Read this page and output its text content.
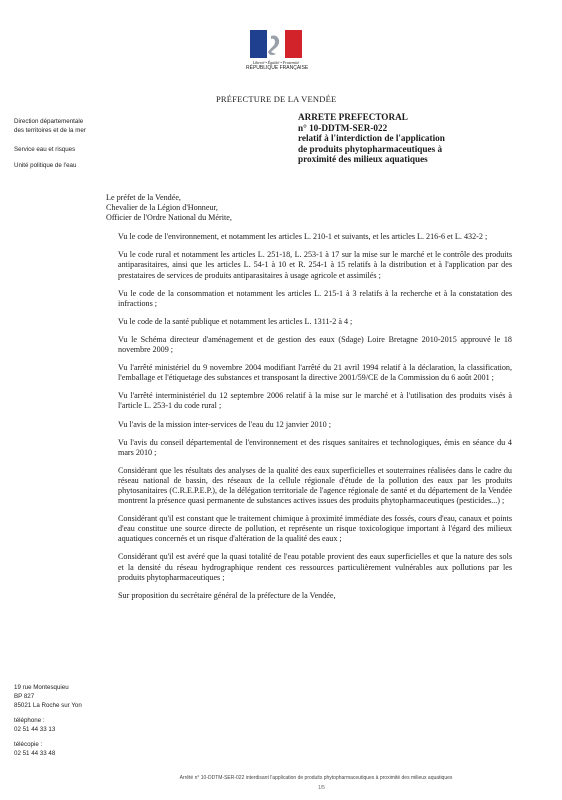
Liberté • Égalité • Fraternité
RÉPUBLIQUE FRANÇAISE
PRÉFECTURE DE LA VENDÉE
Direction départementale
des territoires et de la mer
Service eau et risques
Unité politique de l'eau
19 rue Montesquieu
BP 827
85021 La Roche sur Yon
téléphone :
02 51 44 33 13
télécopie :
02 51 44 33 48
ARRETE PREFECTORAL
n° 10-DDTM-SER-022
relatif à l'interdiction de l'application
de produits phytopharmaceutiques à
proximité des milieux aquatiques
Le préfet de la Vendée,
Chevalier de la Légion d'Honneur,
Officier de l'Ordre National du Mérite,

Vu le code de l'environnement, et notamment les articles L. 210-1 et suivants, et les articles L. 216-6 et L. 432-2 ;

Vu le code rural et notamment les articles L. 251-18, L. 253-1 à 17 sur la mise sur le marché et le contrôle des produits antiparasitaires, ainsi que les articles L. 54-1 à 10 et R. 254-1 à 15 relatifs à la distribution et à l'application par des prestataires de services de produits antiparasitaires à usage agricole et assimilés ;

Vu le code de la consommation et notamment les articles L. 215-1 à 3 relatifs à la recherche et à la constatation des infractions ;

Vu le code de la santé publique et notamment les articles L. 1311-2 à 4 ;

Vu le Schéma directeur d'aménagement et de gestion des eaux (Sdage) Loire Bretagne 2010-2015 approuvé le 18 novembre 2009 ;

Vu l'arrêté ministériel du 9 novembre 2004 modifiant l'arrêté du 21 avril 1994 relatif à la déclaration, la classification, l'emballage et l'étiquetage des substances et transposant la directive 2001/59/CE de la Commission du 6 août 2001 ;

Vu l'arrêté interministériel du 12 septembre 2006 relatif à la mise sur le marché et à l'utilisation des produits visés à l'article L. 253-1 du code rural ;

Vu l'avis de la mission inter-services de l'eau du 12 janvier 2010 ;

Vu l'avis du conseil départemental de l'environnement et des risques sanitaires et technologiques, émis en séance du 4 mars 2010 ;

Considérant que les résultats des analyses de la qualité des eaux superficielles et souterraines réalisées dans le cadre du réseau national de bassin, des réseaux de la cellule régionale d'étude de la pollution des eaux par les produits phytosanitaires (C.R.E.P.E.P.), de la délégation territoriale de l'agence régionale de santé et du département de la Vendée montrent la présence quasi permanente de substances actives issues des produits phytopharmaceutiques (pesticides...) ;

Considérant qu'il est constant que le traitement chimique à proximité immédiate des fossés, cours d'eau, canaux et points d'eau constitue une source directe de pollution, et représente un risque toxicologique important à l'égard des milieux aquatiques concernés et un risque d'altération de la qualité des eaux ;

Considérant qu'il est avéré que la quasi totalité de l'eau potable provient des eaux superficielles et que la nature des sols et la densité du réseau hydrographique rendent ces ressources particulièrement vulnérables aux pollutions par les produits phytopharmaceutiques ;

Sur proposition du secrétaire général de la préfecture de la Vendée,

Arrêté n° 10-DDTM-SER-022 interdisant l'application de produits phytopharmaceutiques à proximité des milieux aquatiques
1/5
